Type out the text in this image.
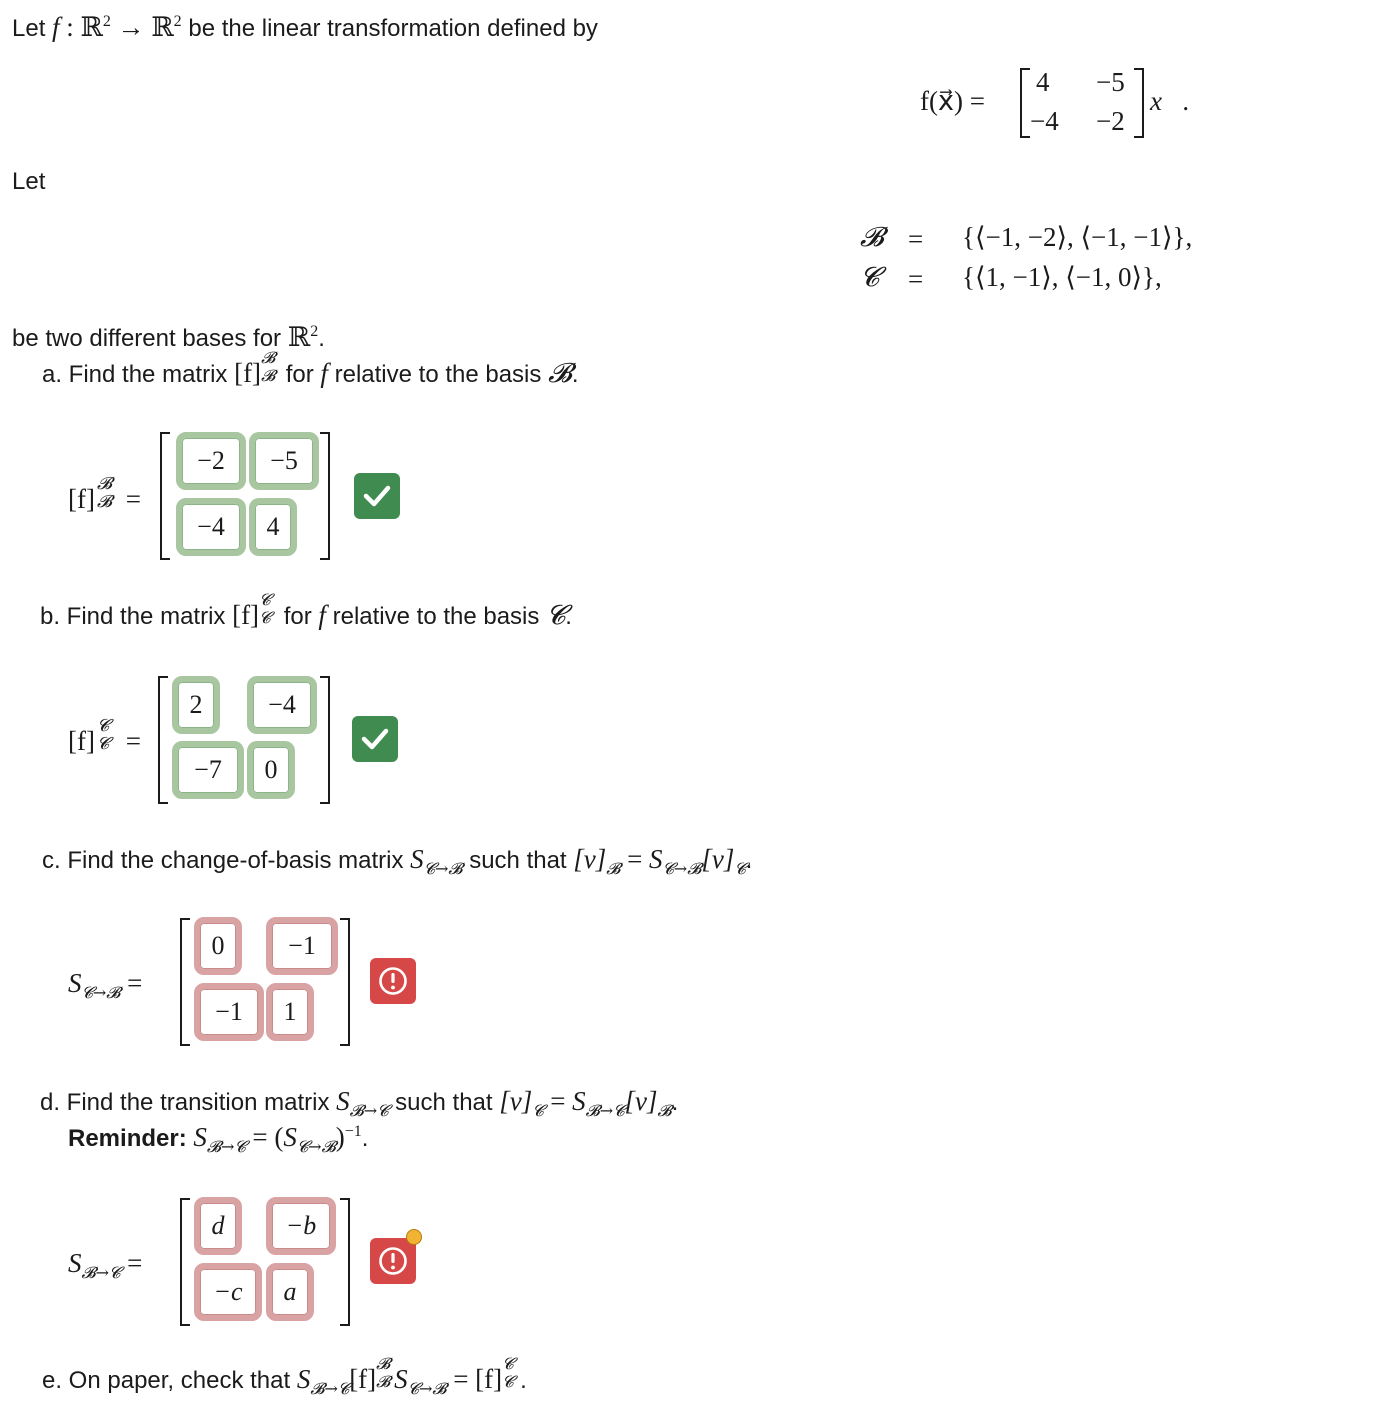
Let f : ℝ$^2$ → ℝ$^2$ be the linear transformation defined by
f(x⃗) =
4 −5
−4 −2
x⃗.
Let
𝓑 = {⟨−1, −2⟩, ⟨−1, −1⟩},
𝓒 = {⟨1, −1⟩, ⟨−1, 0⟩},
be two different bases for ℝ$^2$.
a. Find the matrix [f]
𝓑
𝓑 for f relative to the basis 𝓑.
[f] 𝓑
𝓑 =
−2	−5
−4	4
b. Find the matrix [f]
𝓒
𝓒 for f relative to the basis 𝓒.
[f] 𝓒
𝓒 =
2	−4
−7	0
c. Find the change-of-basis matrix $S_{𝓒\to 𝓑}$ such that $[v]_𝓑 = S_{𝓒\to 𝓑}[v]_𝓒$.
$S_{𝓒\to 𝓑}$ =
0	−1
−1	1
d. Find the transition matrix $S_{𝓑\to 𝓒}$ such that $[v]_𝓒 = S_{𝓑\to 𝓒}[v]_𝓑$.
Reminder: $S_{𝓑\to 𝓒} = (S_{𝓒\to 𝓑})^{-1}$.
$S_{𝓑\to 𝓒}$ =
d	−b
−c	a
e. On paper, check that $S_{𝓑\to 𝓒}[f]$
𝓑
𝓑 $S_{𝓒\to 𝓑} = [f]$
𝓒
𝓒 .
